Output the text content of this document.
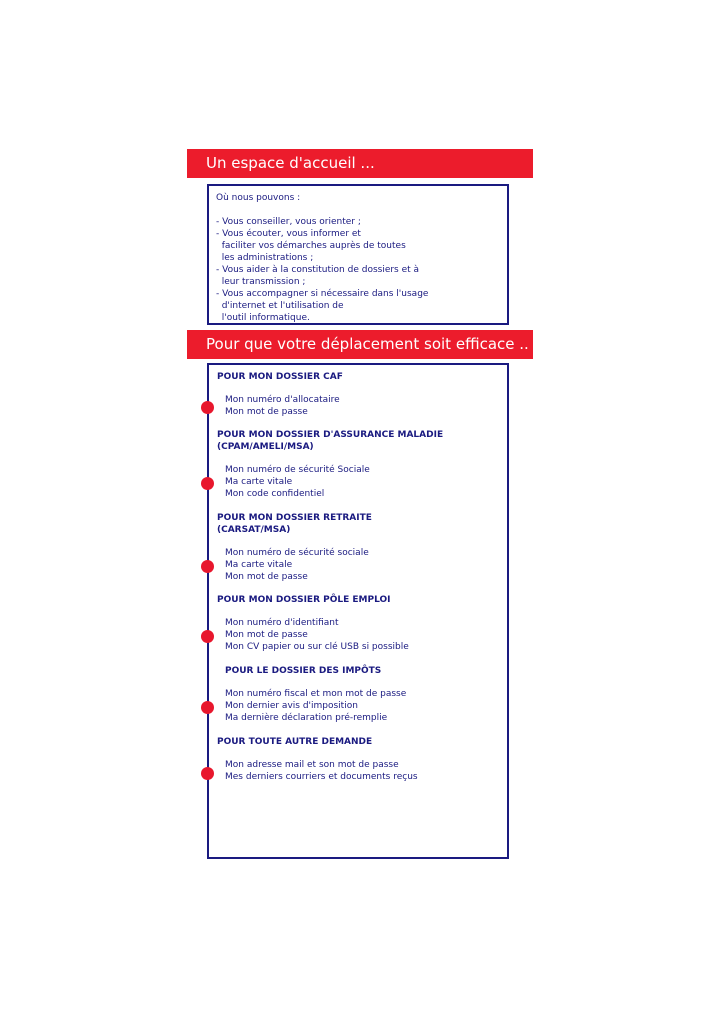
Un espace d'accueil ...

Où nous pouvons :

- Vous conseiller, vous orienter ;
- Vous écouter, vous informer et
faciliter vos démarches auprès de toutes
les administrations ;
- Vous aider à la constitution de dossiers et à
leur transmission ;
- Vous accompagner si nécessaire dans l'usage
d'internet et l'utilisation de
l'outil informatique.
Pour que votre déplacement soit efficace ..
POUR MON DOSSIER CAF
Mon numéro d'allocataire
Mon mot de passe
POUR MON DOSSIER D'ASSURANCE MALADIE
(CPAM/AMELI/MSA)
Mon numéro de sécurité Sociale
Ma carte vitale
Mon code confidentiel
POUR MON DOSSIER RETRAITE
(CARSAT/MSA)
Mon numéro de sécurité sociale
Ma carte vitale
Mon mot de passe
POUR MON DOSSIER PÔLE EMPLOI
Mon numéro d'identifiant
Mon mot de passe
Mon CV papier ou sur clé USB si possible
POUR LE DOSSIER DES IMPÔTS
Mon numéro fiscal et mon mot de passe
Mon dernier avis d'imposition
Ma dernière déclaration pré-remplie
POUR TOUTE AUTRE DEMANDE
Mon adresse mail et son mot de passe
Mes derniers courriers et documents reçus
